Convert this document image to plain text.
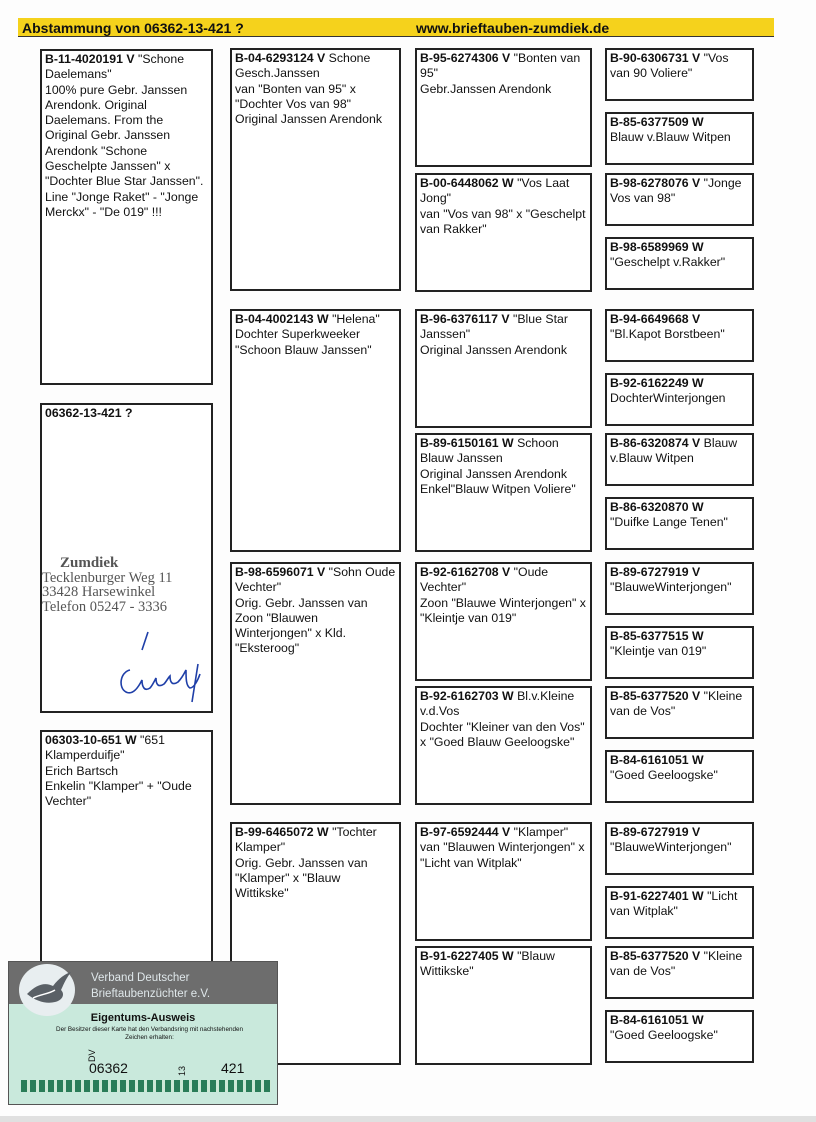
Abstammung von 06362-13-421 ?	www.brieftauben-zumdiek.de
B-11-4020191 V "Schone Daelemans"
100% pure Gebr. Janssen Arendonk. Original Daelemans. From the Original Gebr. Janssen Arendonk "Schone Geschelpte Janssen" x "Dochter Blue Star Janssen". Line "Jonge Raket" - "Jonge Merckx" - "De 019" !!!
06362-13-421 ?
Zumdiek
Tecklenburger Weg 11
33428 Harsewinkel
Telefon 05247 - 3336
06303-10-651 W "651 Klamperduifje"
Erich Bartsch
Enkelin "Klamper" + "Oude Vechter"
B-04-6293124 V Schone Gesch.Janssen
van "Bonten van 95" x "Dochter Vos van 98"
Original Janssen Arendonk
B-04-4002143 W "Helena"
Dochter Superkweeker "Schoon Blauw Janssen"
B-98-6596071 V "Sohn Oude Vechter"
Orig. Gebr. Janssen van Zoon "Blauwen Winterjongen" x Kld. "Eksteroog"
B-99-6465072 W "Tochter Klamper"
Orig. Gebr. Janssen van "Klamper" x "Blauw Wittikske"
B-95-6274306 V "Bonten van 95"
Gebr.Janssen Arendonk
B-00-6448062 W "Vos Laat Jong"
van "Vos van 98" x "Geschelpt van Rakker"
B-96-6376117 V "Blue Star Janssen"
Original Janssen Arendonk
B-89-6150161 W Schoon Blauw Janssen
Original Janssen Arendonk
Enkel"Blauw Witpen Voliere"
B-92-6162708 V "Oude Vechter"
Zoon "Blauwe Winterjongen" x "Kleintje van 019"
B-92-6162703 W Bl.v.Kleine v.d.Vos
Dochter "Kleiner van den Vos" x "Goed Blauw Geeloogske"
B-97-6592444 V "Klamper"
van "Blauwen Winterjongen" x "Licht van Witplak"
B-91-6227405 W "Blauw Wittikske"
B-90-6306731 V "Vos van 90 Voliere"
B-85-6377509 W
Blauw v.Blauw Witpen
B-98-6278076 V "Jonge Vos van 98"
B-98-6589969 W
"Geschelpt v.Rakker"
B-94-6649668 V
"Bl.Kapot Borstbeen"
B-92-6162249 W
DochterWinterjongen
B-86-6320874 V Blauw v.Blauw Witpen
B-86-6320870 W
"Duifke Lange Tenen"
B-89-6727919 V
"BlauweWinterjongen"
B-85-6377515 W
"Kleintje van 019"
B-85-6377520 V "Kleine van de Vos"
B-84-6161051 W
"Goed Geeloogske"
B-89-6727919 V
"BlauweWinterjongen"
B-91-6227401 W "Licht van Witplak"
B-85-6377520 V "Kleine van de Vos"
B-84-6161051 W
"Goed Geeloogske"
Verband Deutscher
Brieftaubenzüchter e.V.
Eigentums-Ausweis
Der Besitzer dieser Karte hat den Verbandsring mit nachstehenden Zeichen erhalten:
DV
06362	13 421
